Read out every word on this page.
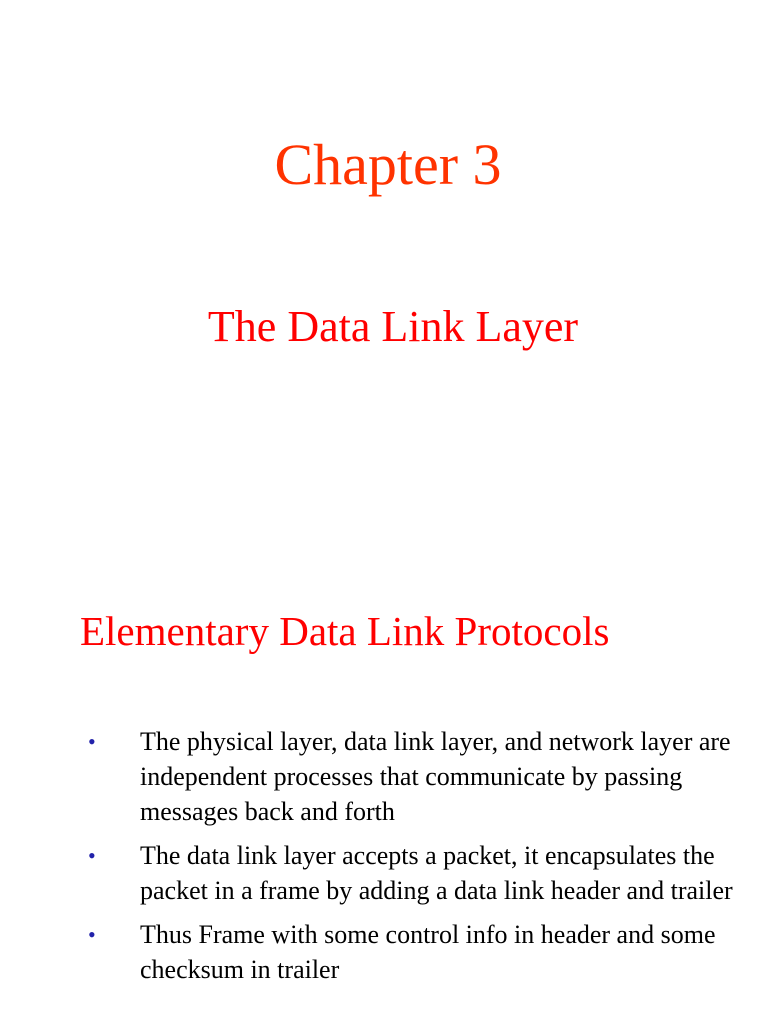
Chapter 3
The Data Link Layer
Elementary Data Link Protocols
• The physical layer, data link layer, and network layer are independent processes that communicate by passing messages back and forth
• The data link layer accepts a packet, it encapsulates the packet in a frame by adding a data link header and trailer
• Thus Frame with some control info in header and some checksum in trailer
